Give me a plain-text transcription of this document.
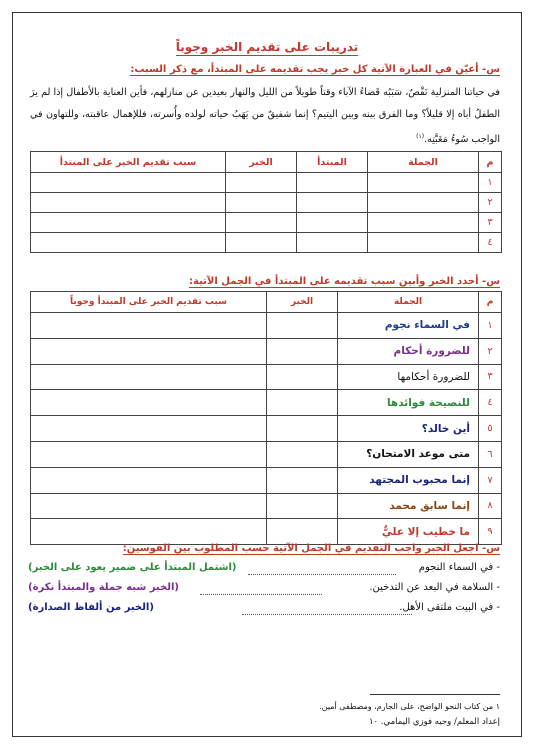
تدريبات على تقديم الخبر وجوباً
س- أعيّن في العبارة الآتية كل خبر يجب تقديمه على المبتدأ، مع ذكر السبب:
في حياتنا المنزلية نَقْصٌ، سَبَبُه قَضاءُ الآباء وقتاً طويلاً من الليل والنهار بعيدين عن منازلهم، فأين العناية بالأطفال إذا لم يرَ الطفلُ أباه إلا قليلاً؟ وما الفرق بينه وبين اليتيم؟ إنما شفيقٌ من يَهَبُ حياته لولده وأُسرته، فللإهمال عاقبته، وللتهاون في الواجب سُوءُ مَغَبَّتِه.$^{(١)}$
م	الجملة	المبتدأ	الخبر	سبب تقديم الخبر على المبتدأ
١				
٢				
٣				
٤				
س- أحدد الخبر وأبين سبب تقديمه على المبتدأ في الجمل الآتية:
م	الجملة	الخبر	سبب تقديم الخبر على المبتدأ وجوباً
١	في السماء نجوم		
٢	للضرورة أحكام		
٣	للضرورة أحكامها		
٤	للنصيحة فوائدها		
٥	أين خالد؟		
٦	متى موعد الامتحان؟		
٧	إنما محبوب المجتهد		
٨	إنما سابق محمد		
٩	ما خطيب إلا عليٌّ		
س- اجعل الخبر واجب التقديم في الجمل الآتية حسب المطلوب بين القوسين:
- في السماء النجوم
(اشتمل المبتدأ على ضمير يعود على الخبر)
- السلامة في البعد عن التدخين.
(الخبر شبه جملة والمبتدأ نكرة)
- في البيت ملتقى الأهل.
(الخبر من ألفاظ الصدارة)
١ من كتاب النحو الواضح، على الجارم، ومصطفى أمين.
إعداد المعلم/ وجيه فوزي اليمامي. ١٠
